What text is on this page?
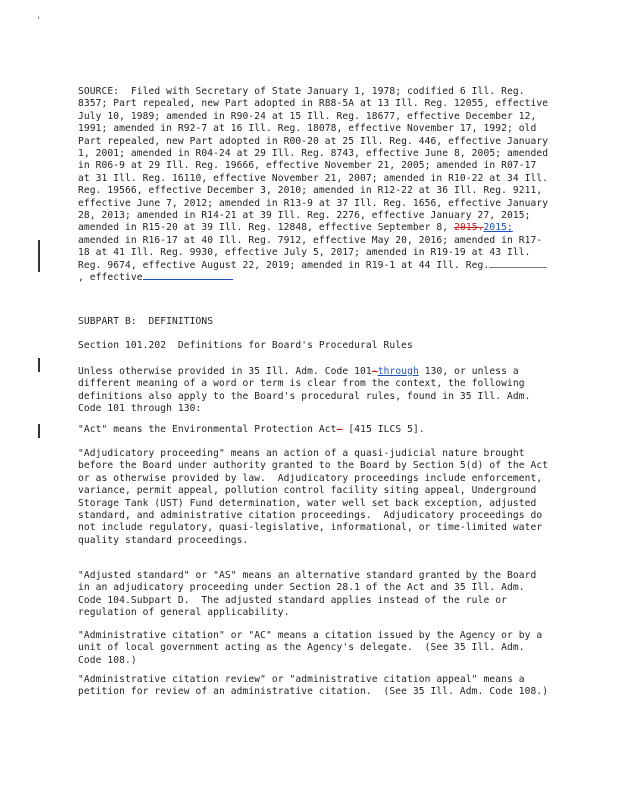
'
SOURCE:  Filed with Secretary of State January 1, 1978; codified 6 Ill. Reg. 8357; Part repealed, new Part adopted in R88-5A at 13 Ill. Reg. 12055, effective July 10, 1989; amended in R90-24 at 15 Ill. Reg. 18677, effective December 12, 1991; amended in R92-7 at 16 Ill. Reg. 18078, effective November 17, 1992; old Part repealed, new Part adopted in R00-20 at 25 Ill. Reg. 446, effective January 1, 2001; amended in R04-24 at 29 Ill. Reg. 8743, effective June 8, 2005; amended in R06-9 at 29 Ill. Reg. 19666, effective November 21, 2005; amended in R07-17 at 31 Ill. Reg. 16110, effective November 21, 2007; amended in R10-22 at 34 Ill. Reg. 19566, effective December 3, 2010; amended in R12-22 at 36 Ill. Reg. 9211, effective June 7, 2012; amended in R13-9 at 37 Ill. Reg. 1656, effective January 28, 2013; amended in R14-21 at 39 Ill. Reg. 2276, effective January 27, 2015; amended in R15-20 at 39 Ill. Reg. 12848, effective September 8, 2015.2015; amended in R16-17 at 40 Ill. Reg. 7912, effective May 20, 2016; amended in R17-18 at 41 Ill. Reg. 9930, effective July 5, 2017; amended in R19-19 at 43 Ill. Reg. 9674, effective August 22, 2019; amended in R19-1 at 44 Ill. Reg., effective
SUBPART B:  DEFINITIONS
Section 101.202  Definitions for Board's Procedural Rules
Unless otherwise provided in 35 Ill. Adm. Code 101-through 130, or unless a different meaning of a word or term is clear from the context, the following definitions also apply to the Board's procedural rules, found in 35 Ill. Adm. Code 101 through 130:
"Act" means the Environmental Protection Act- [415 ILCS 5].
"Adjudicatory proceeding" means an action of a quasi-judicial nature brought before the Board under authority granted to the Board by Section 5(d) of the Act or as otherwise provided by law.  Adjudicatory proceedings include enforcement, variance, permit appeal, pollution control facility siting appeal, Underground Storage Tank (UST) Fund determination, water well set back exception, adjusted standard, and administrative citation proceedings.  Adjudicatory proceedings do not include regulatory, quasi-legislative, informational, or time-limited water quality standard proceedings.
"Adjusted standard" or "AS" means an alternative standard granted by the Board in an adjudicatory proceeding under Section 28.1 of the Act and 35 Ill. Adm. Code 104.Subpart D.  The adjusted standard applies instead of the rule or regulation of general applicability.
"Administrative citation" or "AC" means a citation issued by the Agency or by a unit of local government acting as the Agency's delegate.  (See 35 Ill. Adm. Code 108.)
"Administrative citation review" or "administrative citation appeal" means a petition for review of an administrative citation.  (See 35 Ill. Adm. Code 108.)
